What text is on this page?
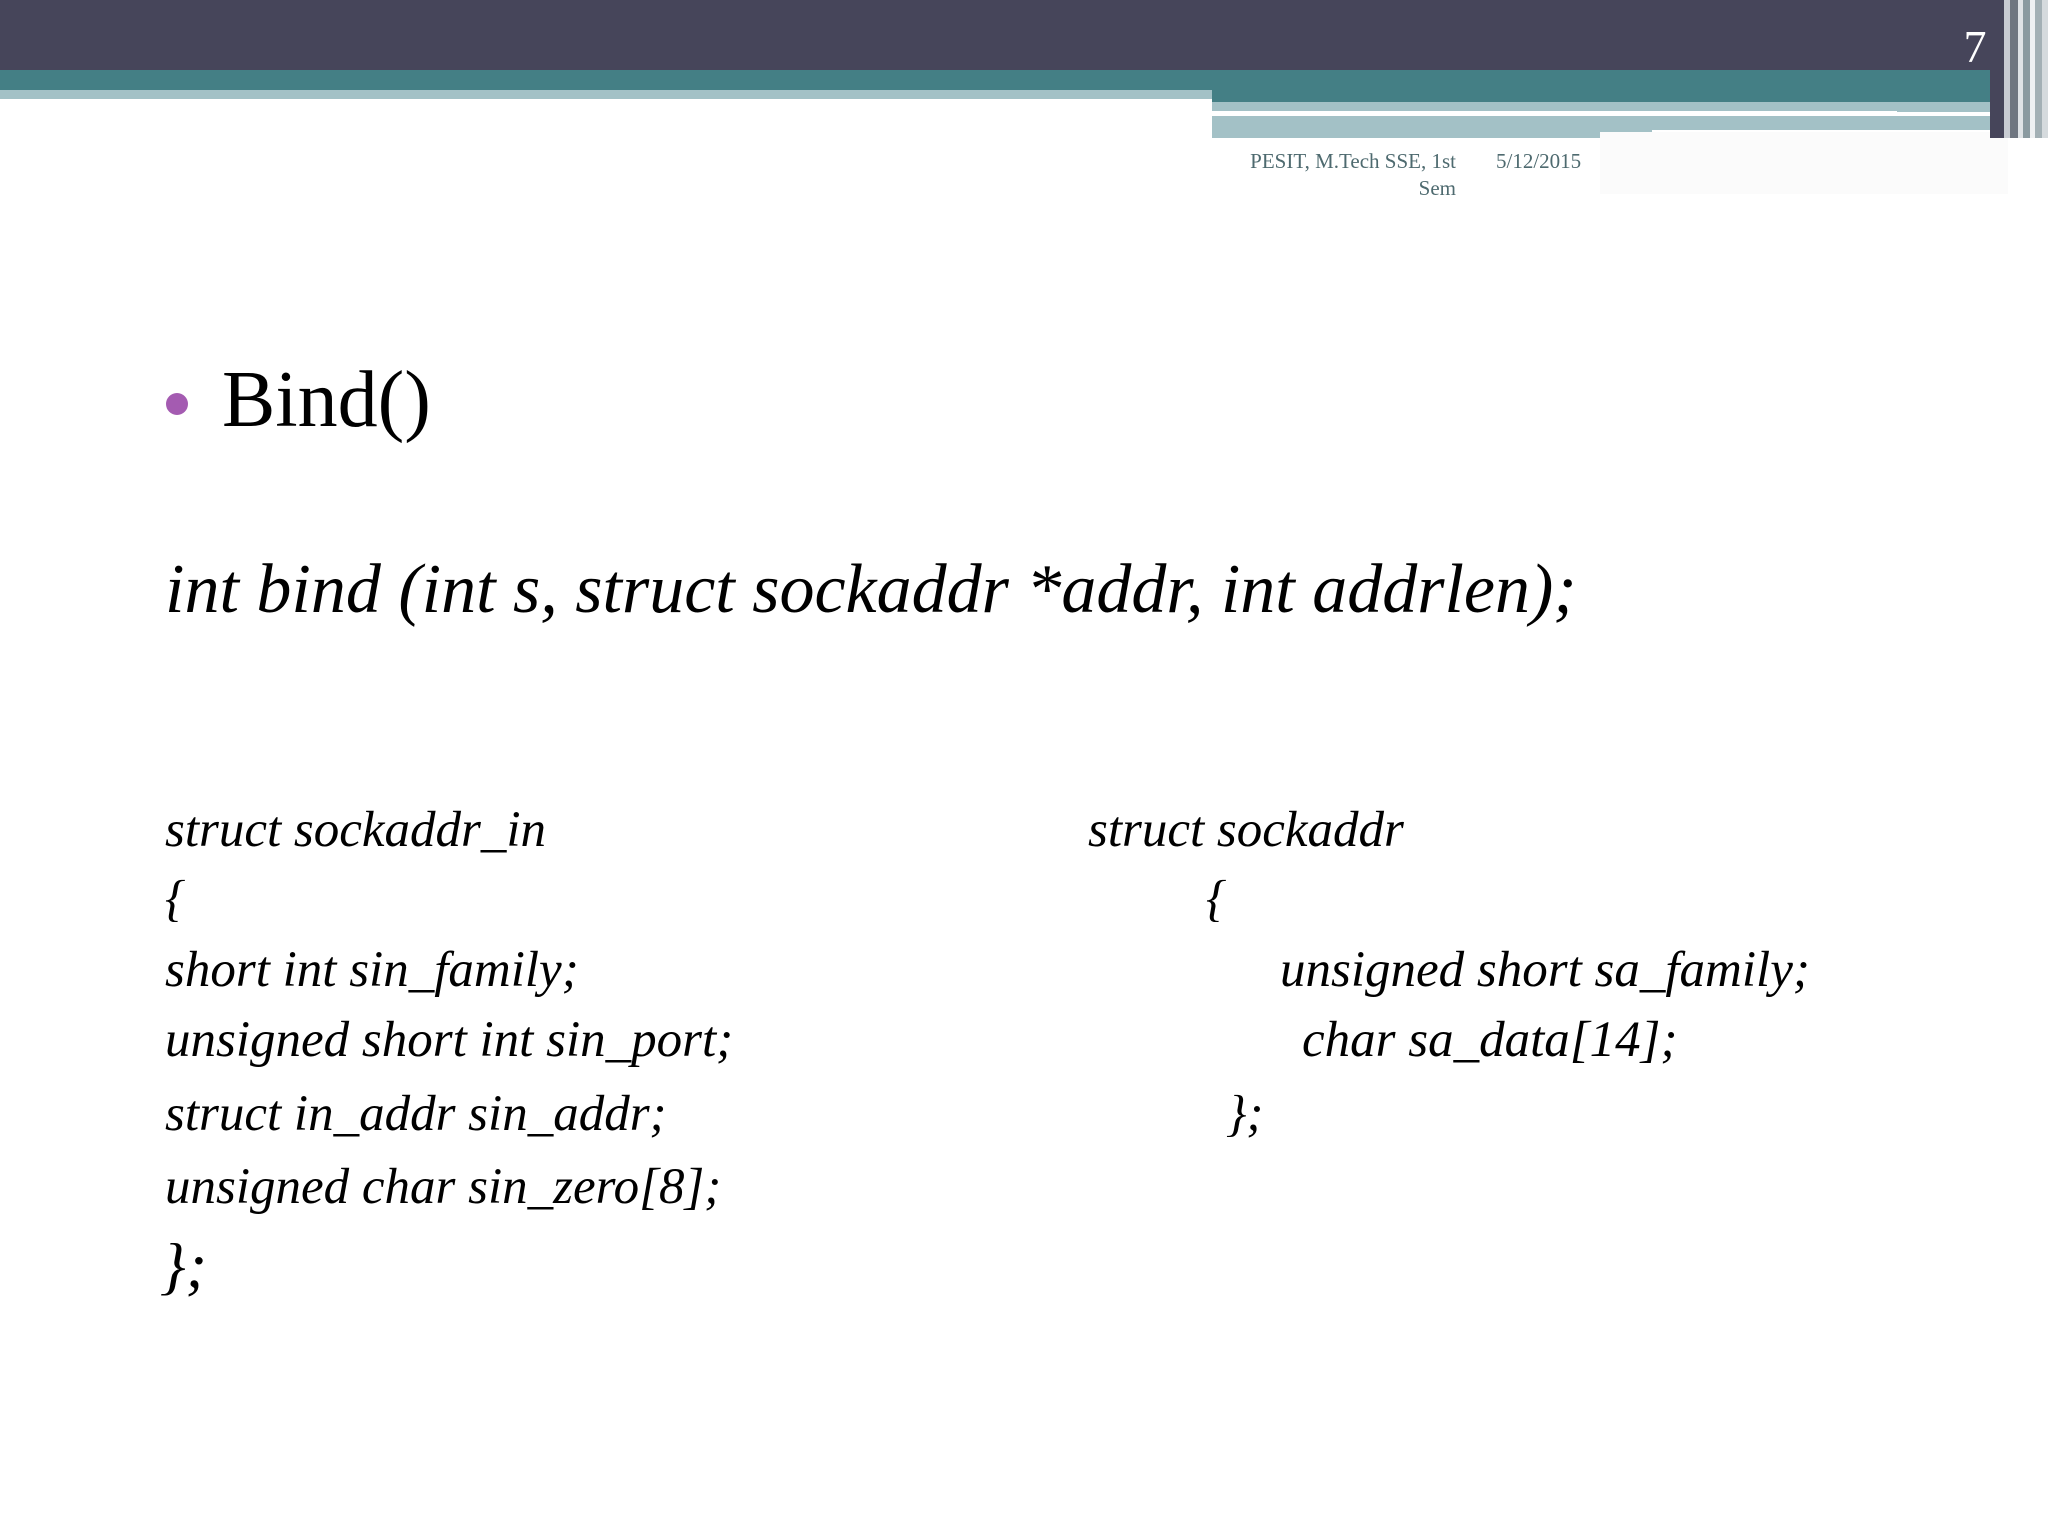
7
PESIT, M.Tech SSE, 1st Sem
5/12/2015
Bind()
int bind (int s, struct sockaddr *addr, int addrlen);
struct sockaddr_in
{
short int sin_family;
unsigned short int sin_port;
struct in_addr sin_addr;
unsigned char sin_zero[8];
};
struct sockaddr
{
unsigned short sa_family;
char sa_data[14];
};
